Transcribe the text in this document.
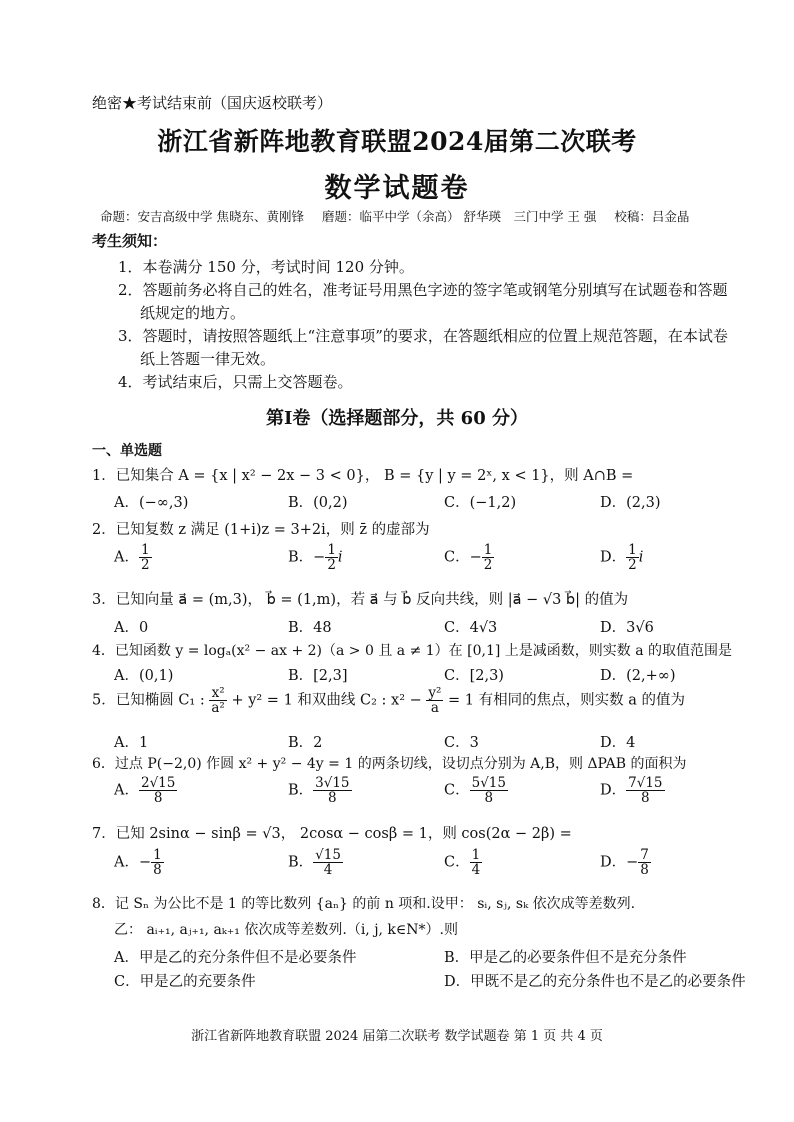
绝密★考试结束前（国庆返校联考）
浙江省新阵地教育联盟2024届第二次联考
数学试题卷
命题：安吉高级中学 焦晓东、黄刚锋 磨题：临平中学（余高） 舒华瑛　三门中学 王 强 校稿：吕金晶
考生须知：
1．本卷满分 150 分，考试时间 120 分钟。
2．答题前务必将自己的姓名，准考证号用黑色字迹的签字笔或钢笔分别填写在试题卷和答题
纸规定的地方。
3．答题时，请按照答题纸上“注意事项”的要求，在答题纸相应的位置上规范答题，在本试卷
纸上答题一律无效。
4．考试结束后，只需上交答题卷。
第Ⅰ卷（选择题部分，共 60 分）
一、单选题
1．已知集合 A = {x | x² − 2x − 3 < 0}， B = {y | y = 2ˣ, x < 1}，则 A∩B =
A．(−∞,3)	B．(0,2)	C．(−1,2)	D．(2,3)
2．已知复数 z 满足 (1+i)z = 3+2i，则 z̄ 的虚部为
A． $\frac{1}{2}$	B．− $\frac{1}{2}$ i	C．− $\frac{1}{2}$	D． $\frac{1}{2}$ i
3．已知向量 a⃗ = (m,3)， b⃗ = (1,m)，若 a⃗ 与 b⃗ 反向共线，则 |a⃗ − √3 b⃗| 的值为
A．0	B．48	C．4√3	D．3√6
4．已知函数 y = logₐ(x² − ax + 2)（a > 0 且 a ≠ 1）在 [0,1] 上是减函数，则实数 a 的取值范围是
A．(0,1)	B．[2,3]	C．[2,3)	D．(2,+∞)
5．已知椭圆 C₁ : $\frac{\text{x²}}{\text{a²}} + y^2 = 1$ 和双曲线 C₂ : $x^2 - \frac{\text{y²}}{a} = 1$ 有相同的焦点，则实数 a 的值为
A．1	B．2	C．3	D．4
6．过点 P(−2,0) 作圆 x² + y² − 4y = 1 的两条切线，设切点分别为 A,B，则 ΔPAB 的面积为
A． $\frac{2√15}{8}$	B． $\frac{3√15}{8}$	C． $\frac{5√15}{8}$	D． $\frac{7√15}{8}$
7．已知 2sinα − sinβ = √3， 2cosα − cosβ = 1，则 cos(2α − 2β) =
A．− $\frac{1}{8}$	B． $\frac{√15}{4}$	C． $\frac{1}{4}$	D．− $\frac{7}{8}$
8．记 Sₙ 为公比不是 1 的等比数列 {aₙ} 的前 n 项和.设甲： sᵢ, sⱼ, sₖ 依次成等差数列.
乙： aᵢ₊₁, aⱼ₊₁, aₖ₊₁ 依次成等差数列.（i, j, k∈N*）.则
A．甲是乙的充分条件但不是必要条件	B．甲是乙的必要条件但不是充分条件
C．甲是乙的充要条件	D．甲既不是乙的充分条件也不是乙的必要条件
浙江省新阵地教育联盟 2024 届第二次联考 数学试题卷 第 1 页 共 4 页
